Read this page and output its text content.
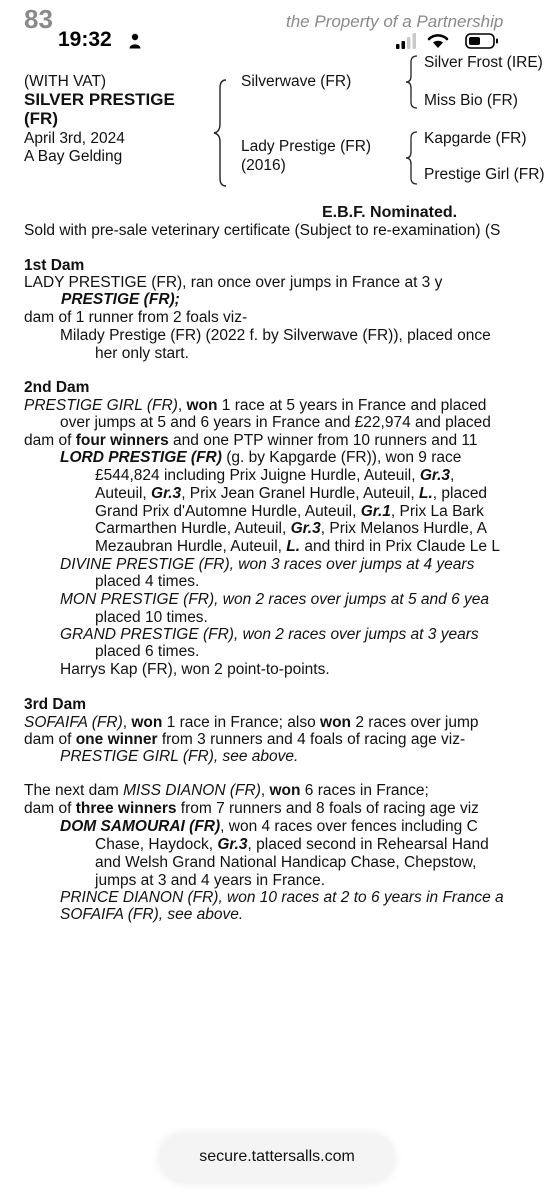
83	the Property of a Partnership
19:32
(WITH VAT)
SILVER PRESTIGE
(FR)
April 3rd, 2024
A Bay Gelding
Silverwave (FR)
Lady Prestige (FR)
(2016)
Silver Frost (IRE)
Miss Bio (FR)
Kapgarde (FR)
Prestige Girl (FR)
E.B.F. Nominated.
Sold with pre-sale veterinary certificate (Subject to re-examination) (S
1st Dam
LADY PRESTIGE (FR), ran once over jumps in France at 3 y
PRESTIGE (FR);
dam of 1 runner from 2 foals viz-
Milady Prestige (FR) (2022 f. by Silverwave (FR)), placed once
her only start.
2nd Dam
PRESTIGE GIRL (FR), won 1 race at 5 years in France and placed
over jumps at 5 and 6 years in France and £22,974 and placed
dam of four winners and one PTP winner from 10 runners and 11
LORD PRESTIGE (FR) (g. by Kapgarde (FR)), won 9 race
£544,824 including Prix Juigne Hurdle, Auteuil, Gr.3,
Auteuil, Gr.3, Prix Jean Granel Hurdle, Auteuil, L., placed
Grand Prix d'Automne Hurdle, Auteuil, Gr.1, Prix La Bark
Carmarthen Hurdle, Auteuil, Gr.3, Prix Melanos Hurdle, A
Mezaubran Hurdle, Auteuil, L. and third in Prix Claude Le L
DIVINE PRESTIGE (FR), won 3 races over jumps at 4 years
placed 4 times.
MON PRESTIGE (FR), won 2 races over jumps at 5 and 6 yea
placed 10 times.
GRAND PRESTIGE (FR), won 2 races over jumps at 3 years
placed 6 times.
Harrys Kap (FR), won 2 point-to-points.
3rd Dam
SOFAIFA (FR), won 1 race in France; also won 2 races over jump
dam of one winner from 3 runners and 4 foals of racing age viz-
PRESTIGE GIRL (FR), see above.
The next dam MISS DIANON (FR), won 6 races in France;
dam of three winners from 7 runners and 8 foals of racing age viz
DOM SAMOURAI (FR), won 4 races over fences including C
Chase, Haydock, Gr.3, placed second in Rehearsal Hand
and Welsh Grand National Handicap Chase, Chepstow,
jumps at 3 and 4 years in France.
PRINCE DIANON (FR), won 10 races at 2 to 6 years in France a
SOFAIFA (FR), see above.
secure.tattersalls.com
